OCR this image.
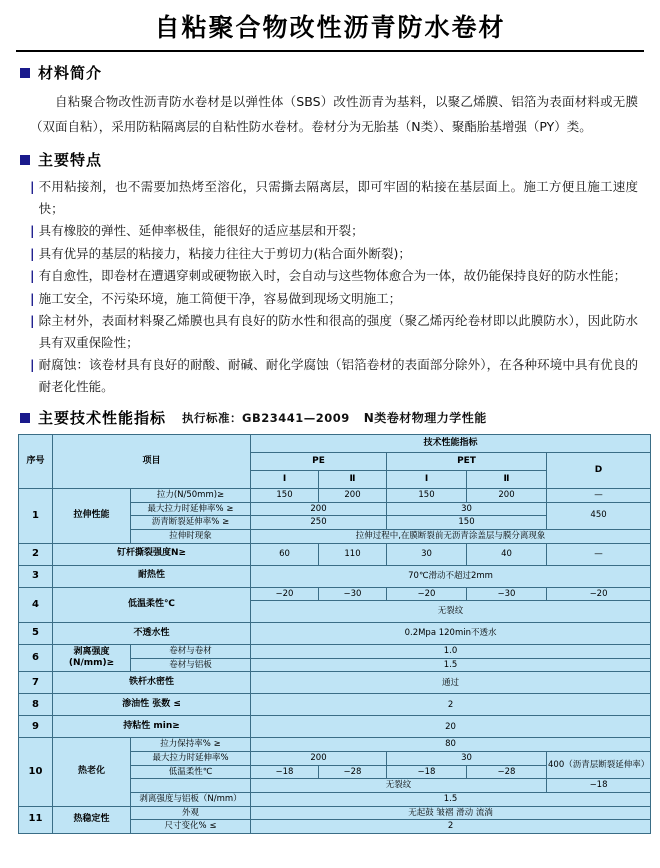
自粘聚合物改性沥青防水卷材
材料简介
自粘聚合物改性沥青防水卷材是以弹性体（SBS）改性沥青为基料，以聚乙烯膜、铝箔为表面材料或无膜（双面自粘），采用防粘隔离层的自粘性防水卷材。卷材分为无胎基（N类）、聚酯胎基增强（PY）类。
主要特点
| 不用粘接剂，也不需要加热烤至溶化，只需撕去隔离层，即可牢固的粘接在基层面上。施工方便且施工速度快；
| 具有橡胶的弹性、延伸率极佳，能很好的适应基层和开裂；
| 具有优异的基层的粘接力，粘接力往往大于剪切力(粘合面外断裂)；
| 有自愈性，即卷材在遭遇穿刺或硬物嵌入时，会自动与这些物体愈合为一体，故仍能保持良好的防水性能；
| 施工安全，不污染环境，施工简便干净，容易做到现场文明施工；
| 除主材外，表面材料聚乙烯膜也具有良好的防水性和很高的强度（聚乙烯丙纶卷材即以此膜防水），因此防水具有双重保险性；
| 耐腐蚀：该卷材具有良好的耐酸、耐碱、耐化学腐蚀（铝箔卷材的表面部分除外），在各种环境中具有优良的耐老化性能。
主要技术性能指标 执行标准：GB23441—2009 N类卷材物理力学性能
序号	项目		技术性能指标				
			PE		PET		D
			Ⅰ	Ⅱ	Ⅰ	Ⅱ	
1	拉伸性能	拉力(N/50mm)≥	150	200	150	200	—
		最大拉力时延伸率% ≥	200		30		450
		沥青断裂延伸率% ≥	250		150		
		拉伸时现象	拉伸过程中,在膜断裂前无沥青涂盖层与膜分离现象				
2	钉杆撕裂强度N≥		60	110	30	40	—
3	耐热性		70℃滑动不超过2mm				
4	低温柔性℃		−20	−30	−20	−30	−20
			无裂纹				
5	不透水性		0.2Mpa 120min不透水				
6	剥离强度(N/mm)≥	卷材与卷材	1.0				
		卷材与铝板	1.5				
7	铁杆水密性		通过				
8	渗油性 张数 ≤		2				
9	持粘性 min≥		20				
10	热老化	拉力保持率% ≥	80				
		最大拉力时延伸率%	200		30		400（沥青层断裂延伸率）
		低温柔性℃	−18	−28	−18	−28	
			无裂纹				−18
		剥离强度与铝板（N/mm）	1.5				
11	热稳定性	外观	无起鼓 皱褶 滑动 流淌				
		尺寸变化% ≤	2				
